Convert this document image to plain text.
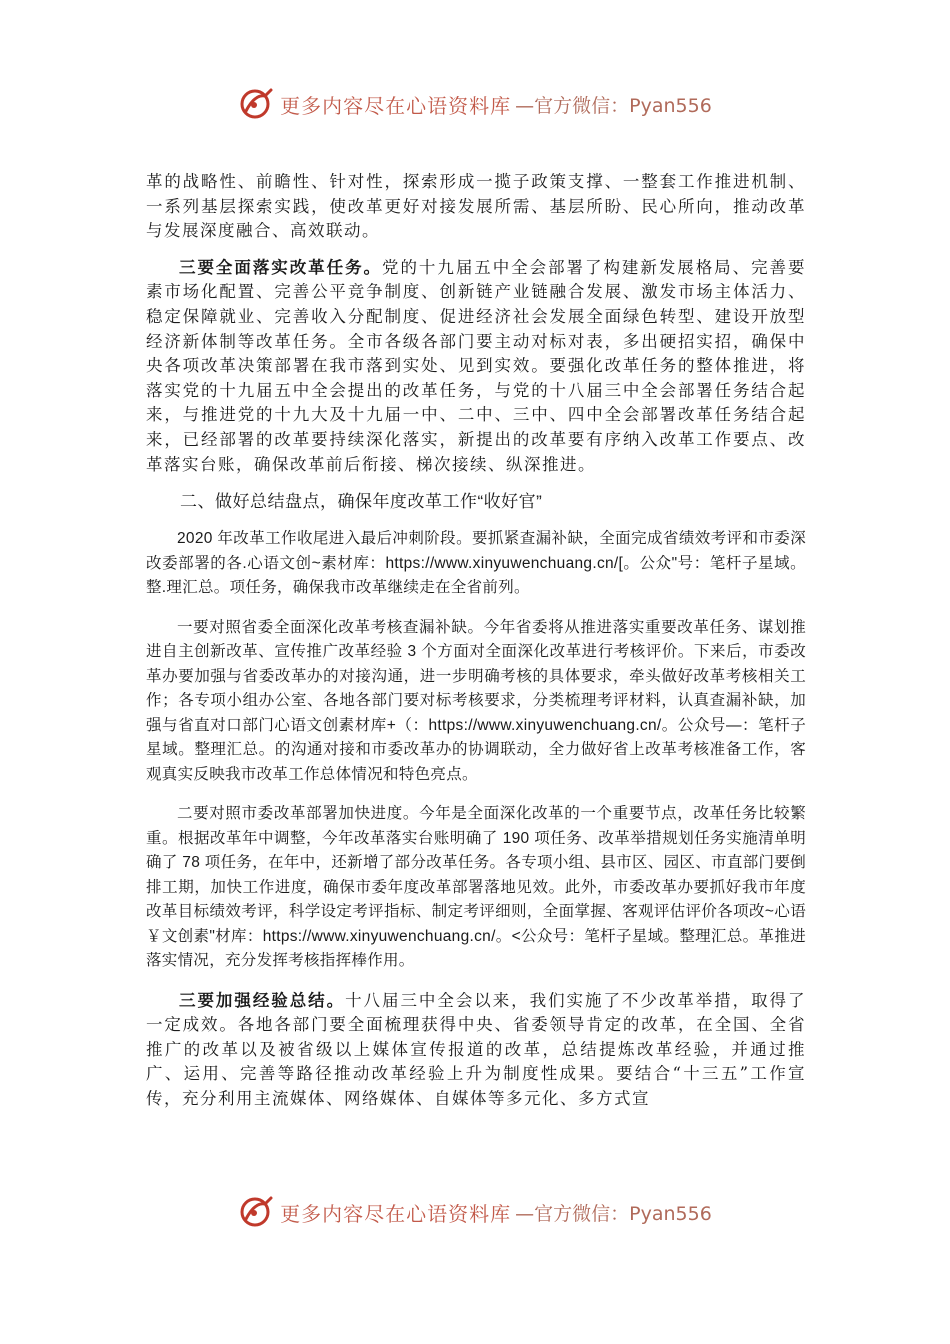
更多内容尽在心语资料库 —官方微信：Pyan556

革的战略性、前瞻性、针对性，探索形成一揽子政策支撑、一整套工作推进机制、一系列基层探索实践，使改革更好对接发展所需、基层所盼、民心所向，推动改革与发展深度融合、高效联动。

三要全面落实改革任务。党的十九届五中全会部署了构建新发展格局、完善要素市场化配置、完善公平竞争制度、创新链产业链融合发展、激发市场主体活力、稳定保障就业、完善收入分配制度、促进经济社会发展全面绿色转型、建设开放型经济新体制等改革任务。全市各级各部门要主动对标对表，多出硬招实招，确保中央各项改革决策部署在我市落到实处、见到实效。要强化改革任务的整体推进，将落实党的十九届五中全会提出的改革任务，与党的十八届三中全会部署任务结合起来，与推进党的十九大及十九届一中、二中、三中、四中全会部署改革任务结合起来，已经部署的改革要持续深化落实，新提出的改革要有序纳入改革工作要点、改革落实台账，确保改革前后衔接、梯次接续、纵深推进。

二、做好总结盘点，确保年度改革工作“收好官”

2020 年改革工作收尾进入最后冲刺阶段。要抓紧查漏补缺，全面完成省绩效考评和市委深改委部署的各.心语文创~素材库：https://www.xinyuwenchuang.cn/[。公众"号：笔杆子星域。整.理汇总。项任务，确保我市改革继续走在全省前列。

一要对照省委全面深化改革考核查漏补缺。今年省委将从推进落实重要改革任务、谋划推进自主创新改革、宣传推广改革经验 3 个方面对全面深化改革进行考核评价。下来后，市委改革办要加强与省委改革办的对接沟通，进一步明确考核的具体要求，牵头做好改革考核相关工作；各专项小组办公室、各地各部门要对标考核要求，分类梳理考评材料，认真查漏补缺，加强与省直对口部门心语文创素材库+（：https://www.xinyuwenchuang.cn/。公众号—：笔杆子星域。整理汇总。的沟通对接和市委改革办的协调联动，全力做好省上改革考核准备工作，客观真实反映我市改革工作总体情况和特色亮点。

二要对照市委改革部署加快进度。今年是全面深化改革的一个重要节点，改革任务比较繁重。根据改革年中调整，今年改革落实台账明确了 190 项任务、改革举措规划任务实施清单明确了 78 项任务，在年中，还新增了部分改革任务。各专项小组、县市区、园区、市直部门要倒排工期，加快工作进度，确保市委年度改革部署落地见效。此外，市委改革办要抓好我市年度改革目标绩效考评，科学设定考评指标、制定考评细则，全面掌握、客观评估评价各项改~心语￥文创素"材库：https://www.xinyuwenchuang.cn/。<公众号：笔杆子星域。整理汇总。革推进落实情况，充分发挥考核指挥棒作用。

三要加强经验总结。十八届三中全会以来，我们实施了不少改革举措，取得了一定成效。各地各部门要全面梳理获得中央、省委领导肯定的改革，在全国、全省推广的改革以及被省级以上媒体宣传报道的改革，总结提炼改革经验，并通过推广、运用、完善等路径推动改革经验上升为制度性成果。要结合“十三五”工作宣传，充分利用主流媒体、网络媒体、自媒体等多元化、多方式宣

更多内容尽在心语资料库 —官方微信：Pyan556
